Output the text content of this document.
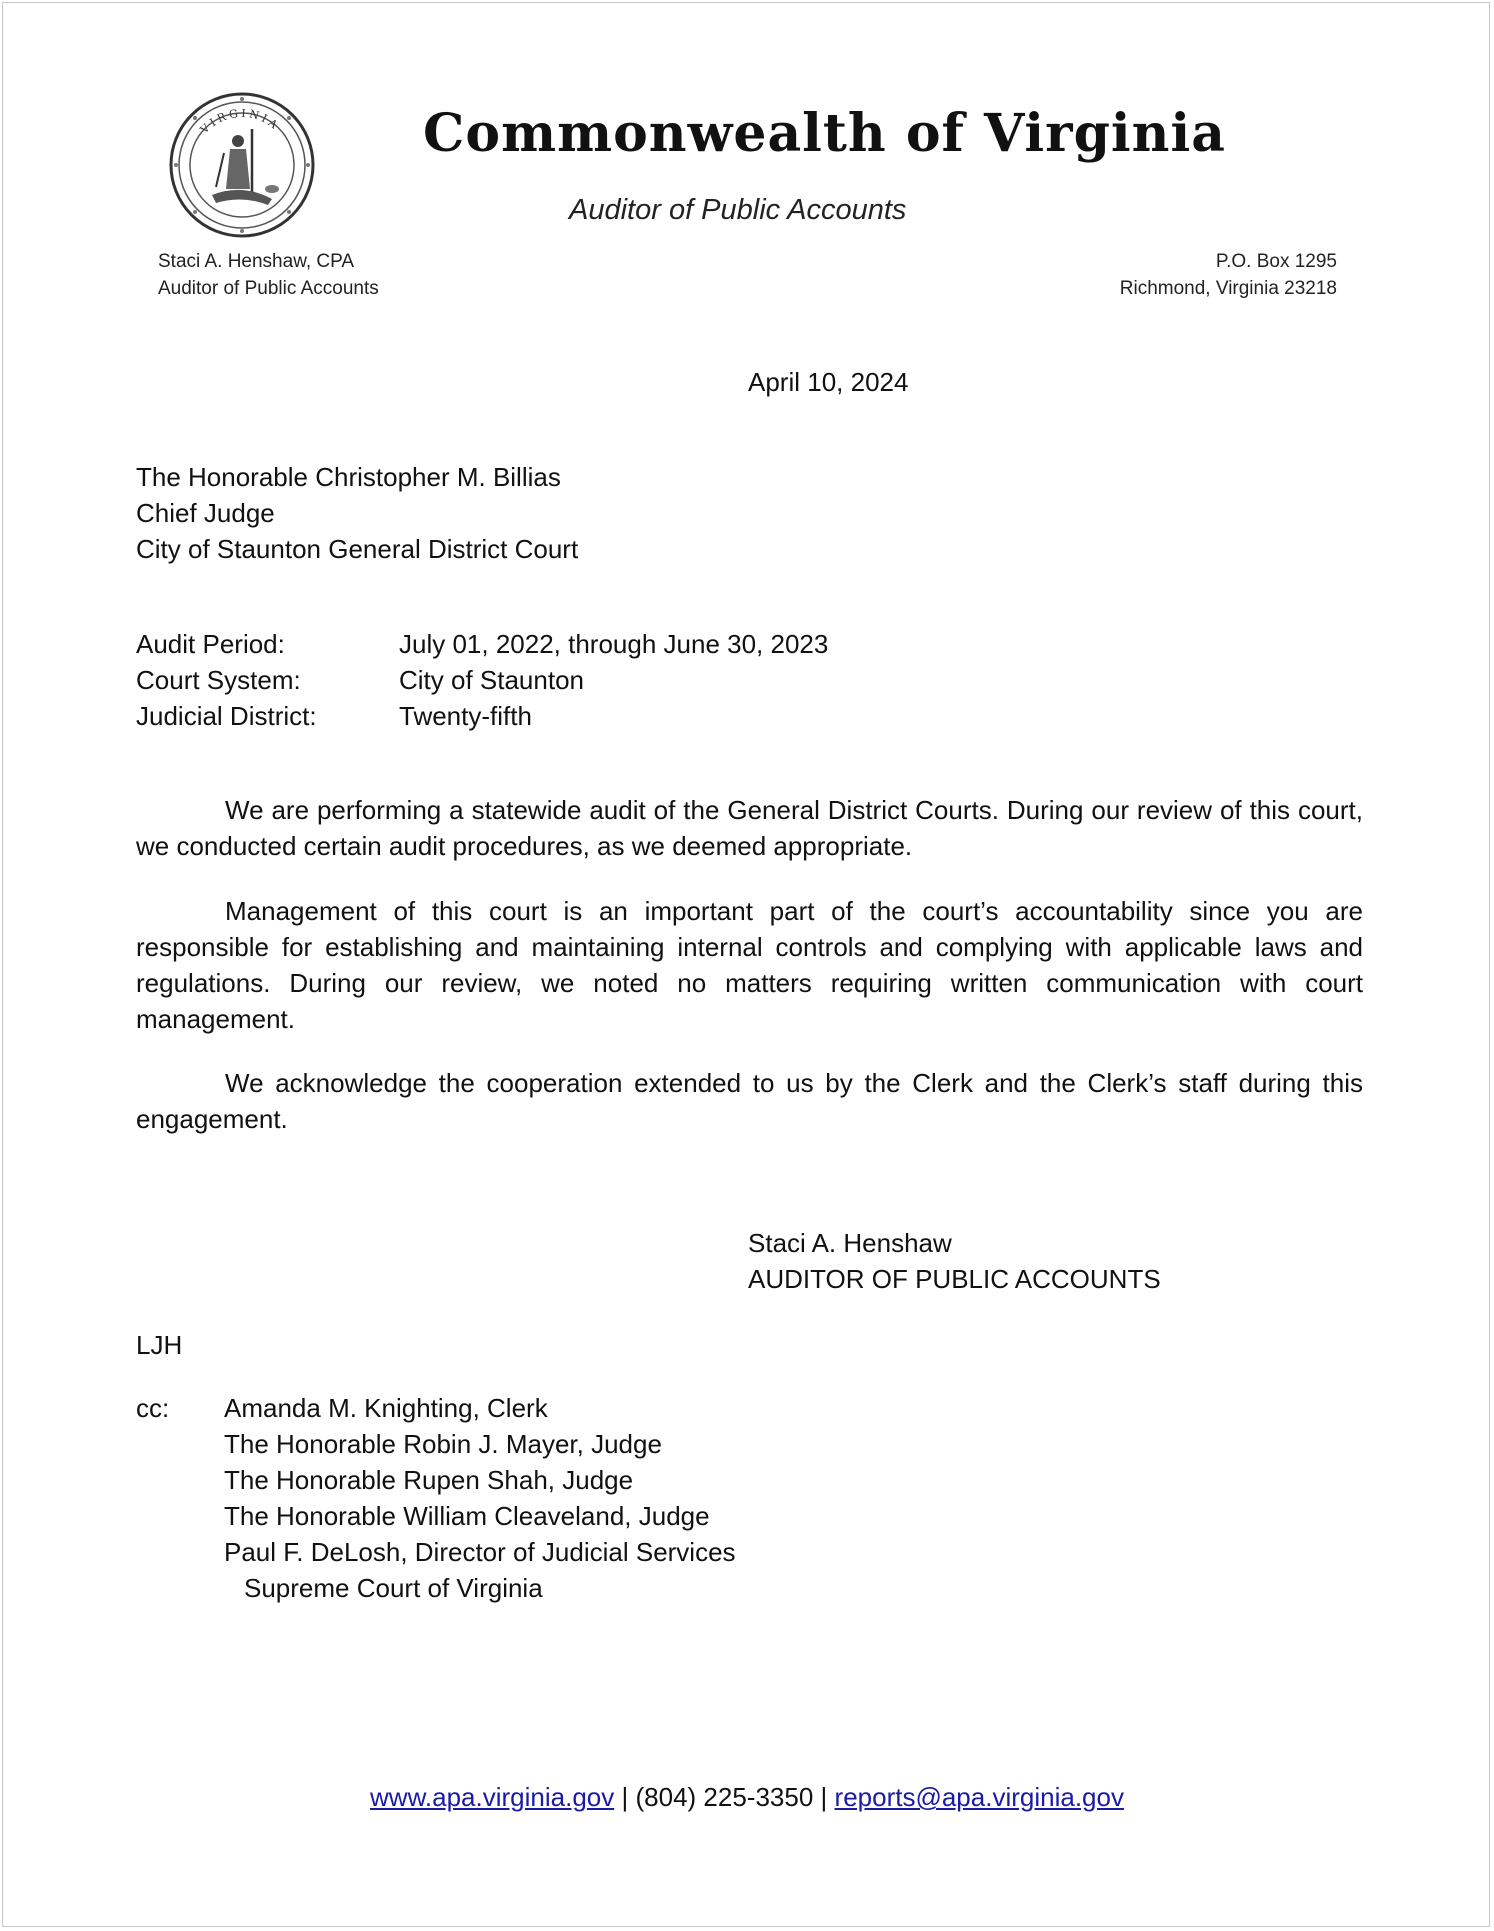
VIRGINIA	Commonwealth of Virginia
Auditor of Public Accounts
Staci A. Henshaw, CPA
Auditor of Public Accounts
P.O. Box 1295
Richmond, Virginia 23218
April 10, 2024
The Honorable Christopher M. Billias
Chief Judge
City of Staunton General District Court
Audit Period:	July 01, 2022, through June 30, 2023
Court System:	City of Staunton
Judicial District:	Twenty-fifth
We are performing a statewide audit of the General District Courts. During our review of this court, we conducted certain audit procedures, as we deemed appropriate.
Management of this court is an important part of the court’s accountability since you are responsible for establishing and maintaining internal controls and complying with applicable laws and regulations. During our review, we noted no matters requiring written communication with court management.
We acknowledge the cooperation extended to us by the Clerk and the Clerk’s staff during this engagement.
Staci A. Henshaw
AUDITOR OF PUBLIC ACCOUNTS
LJH
cc: Amanda M. Knighting, Clerk
The Honorable Robin J. Mayer, Judge
The Honorable Rupen Shah, Judge
The Honorable William Cleaveland, Judge
Paul F. DeLosh, Director of Judicial Services
Supreme Court of Virginia
www.apa.virginia.gov | (804) 225-3350 | reports@apa.virginia.gov
